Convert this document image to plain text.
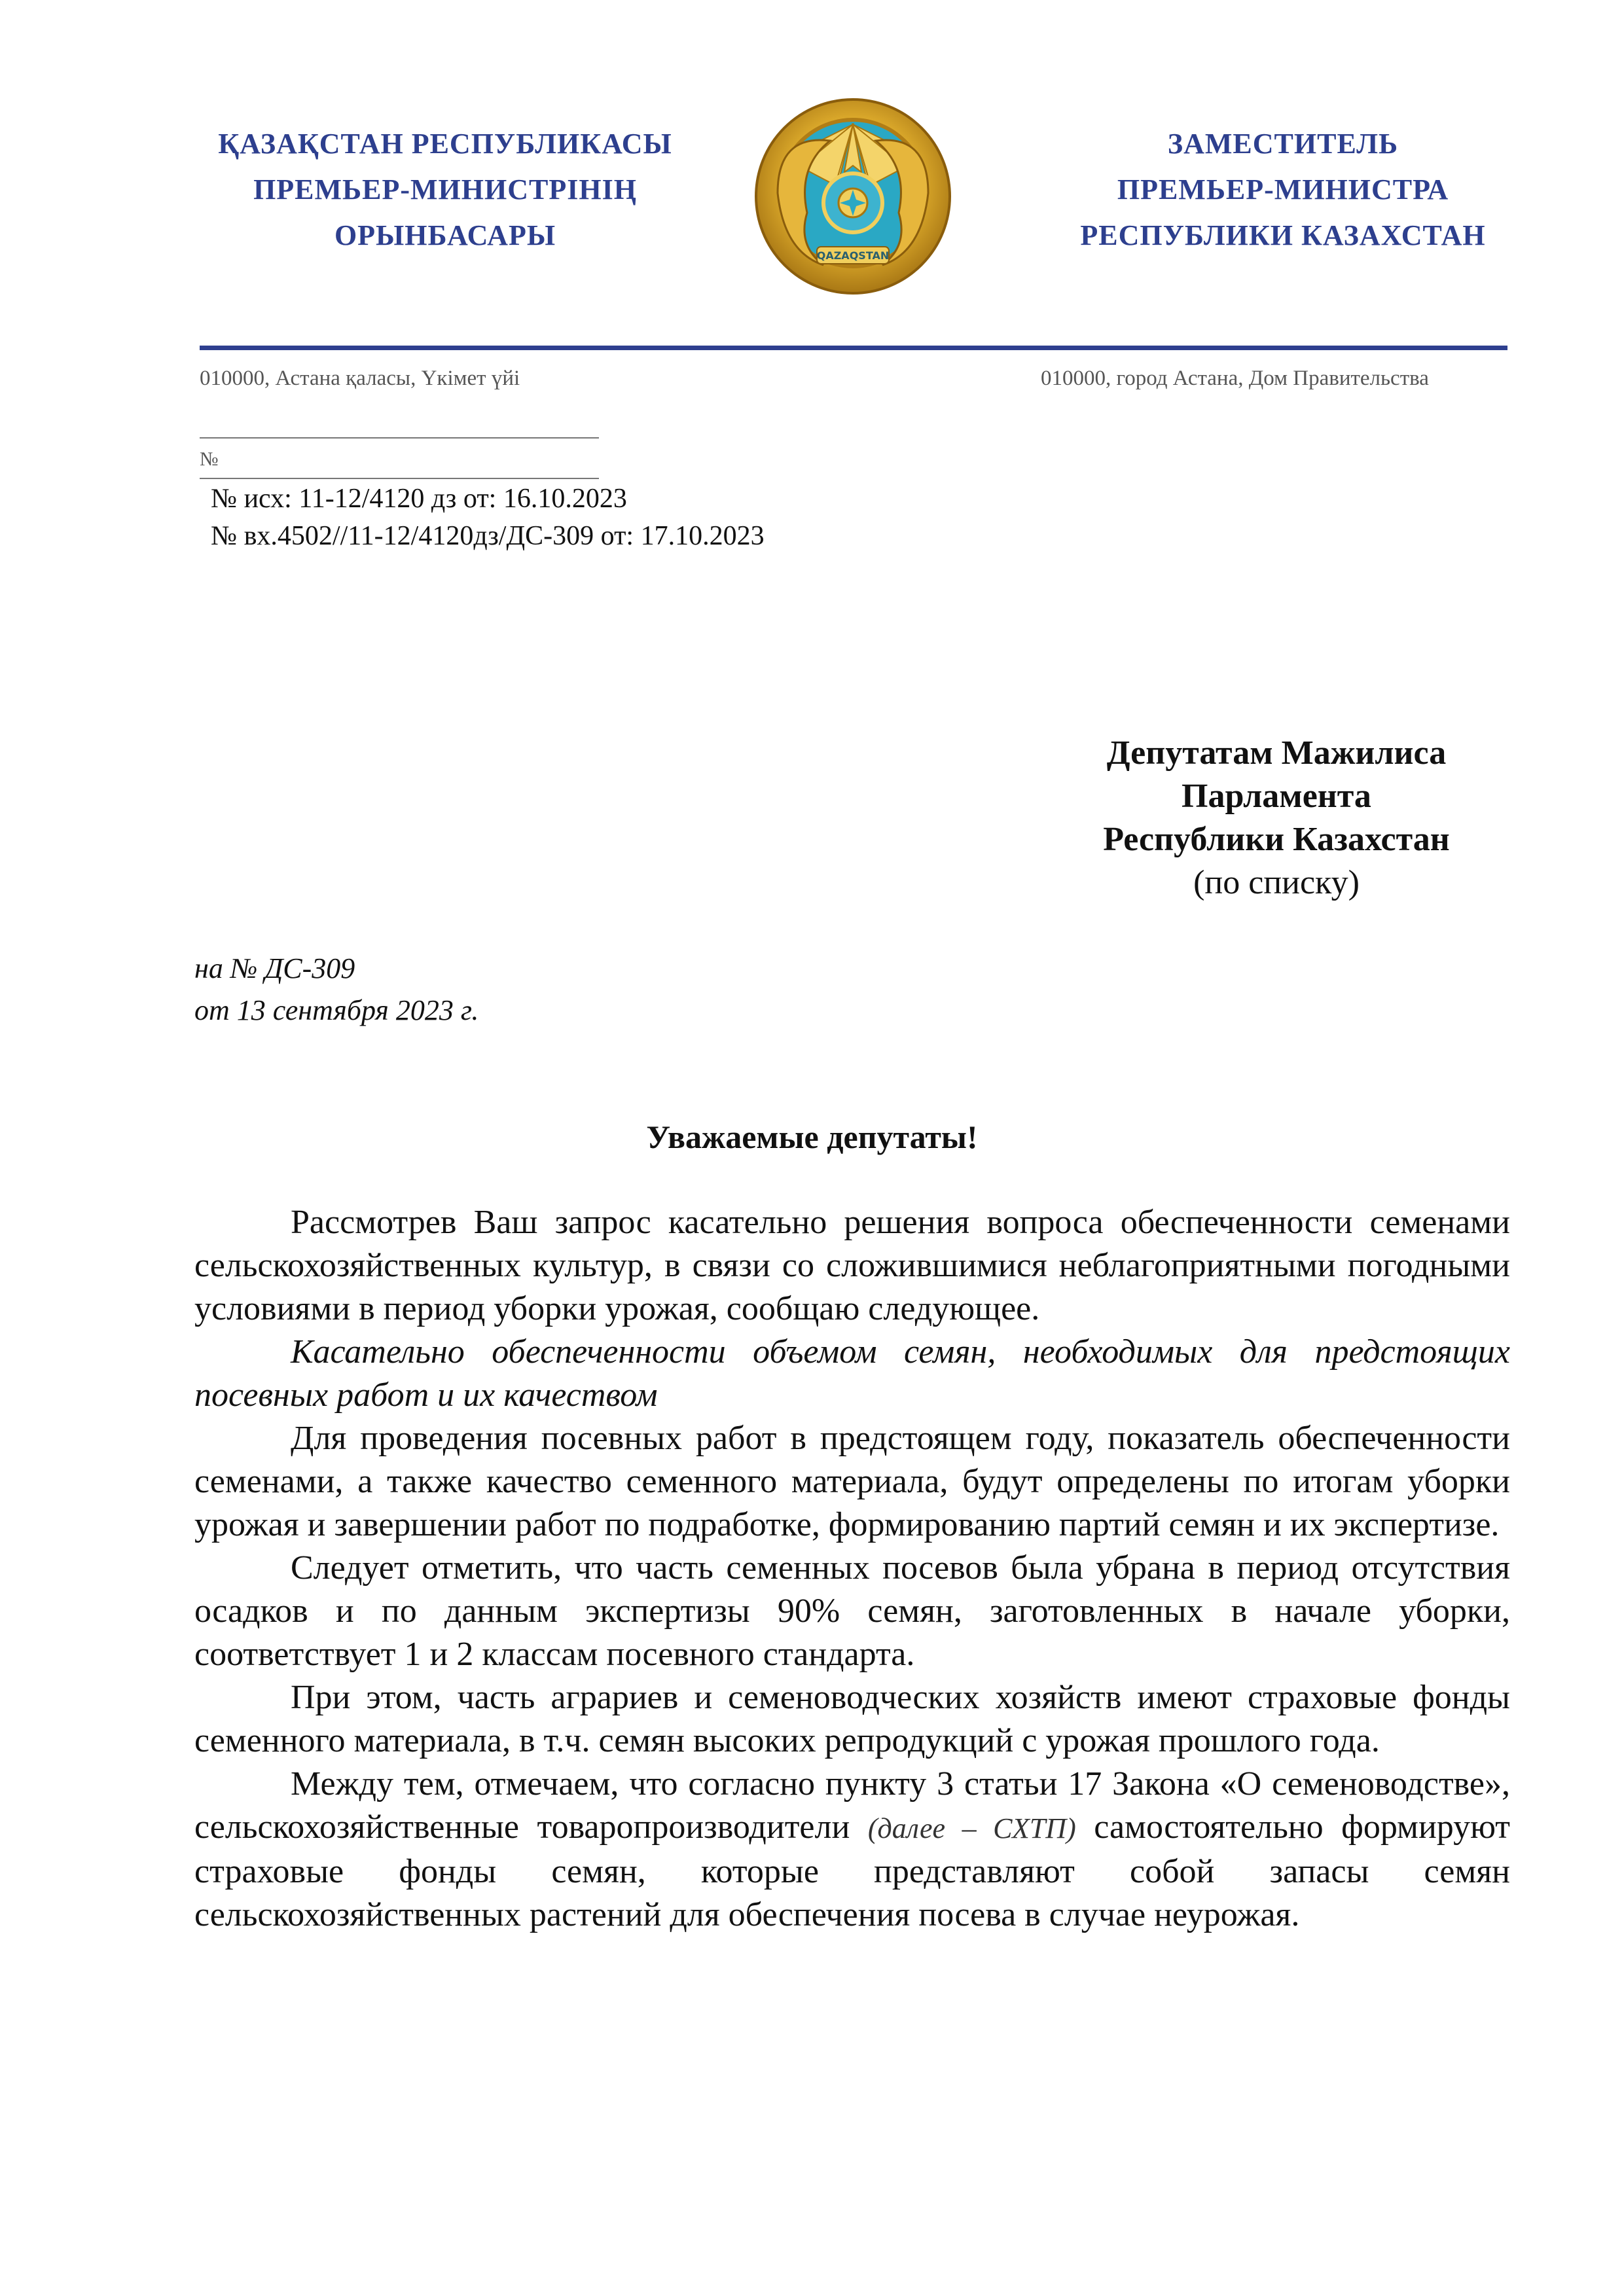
ҚАЗАҚСТАН РЕСПУБЛИКАСЫ
ПРЕМЬЕР-МИНИСТРІНІҢ
ОРЫНБАСАРЫ
QAZAQSTAN
ЗАМЕСТИТЕЛЬ
ПРЕМЬЕР-МИНИСТРА
РЕСПУБЛИКИ КАЗАХСТАН
010000, Астана қаласы, Үкімет үйі	010000, город Астана, Дом Правительства
№
№ исх: 11-12/4120 дз от: 16.10.2023
№ вх.4502//11-12/4120дз/ДС-309 от: 17.10.2023
Депутатам Мажилиса
Парламента
Республики Казахстан
(по списку)
на № ДС-309
от 13 сентября 2023 г.
Уважаемые депутаты!

Рассмотрев Ваш запрос касательно решения вопроса обеспеченности семенами сельскохозяйственных культур, в связи со сложившимися неблагоприятными погодными условиями в период уборки урожая, сообщаю следующее.

Касательно обеспеченности объемом семян, необходимых для предстоящих посевных работ и их качеством

Для проведения посевных работ в предстоящем году, показатель обеспеченности семенами, а также качество семенного материала, будут определены по итогам уборки урожая и завершении работ по подработке, формированию партий семян и их экспертизе.

Следует отметить, что часть семенных посевов была убрана в период отсутствия осадков и по данным экспертизы 90% семян, заготовленных в начале уборки, соответствует 1 и 2 классам посевного стандарта.

При этом, часть аграриев и семеноводческих хозяйств имеют страховые фонды семенного материала, в т.ч. семян высоких репродукций с урожая прошлого года.

Между тем, отмечаем, что согласно пункту 3 статьи 17 Закона «О семеноводстве», сельскохозяйственные товаропроизводители (далее – СХТП) самостоятельно формируют страховые фонды семян, которые представляют собой запасы семян сельскохозяйственных растений для обеспечения посева в случае неурожая.
